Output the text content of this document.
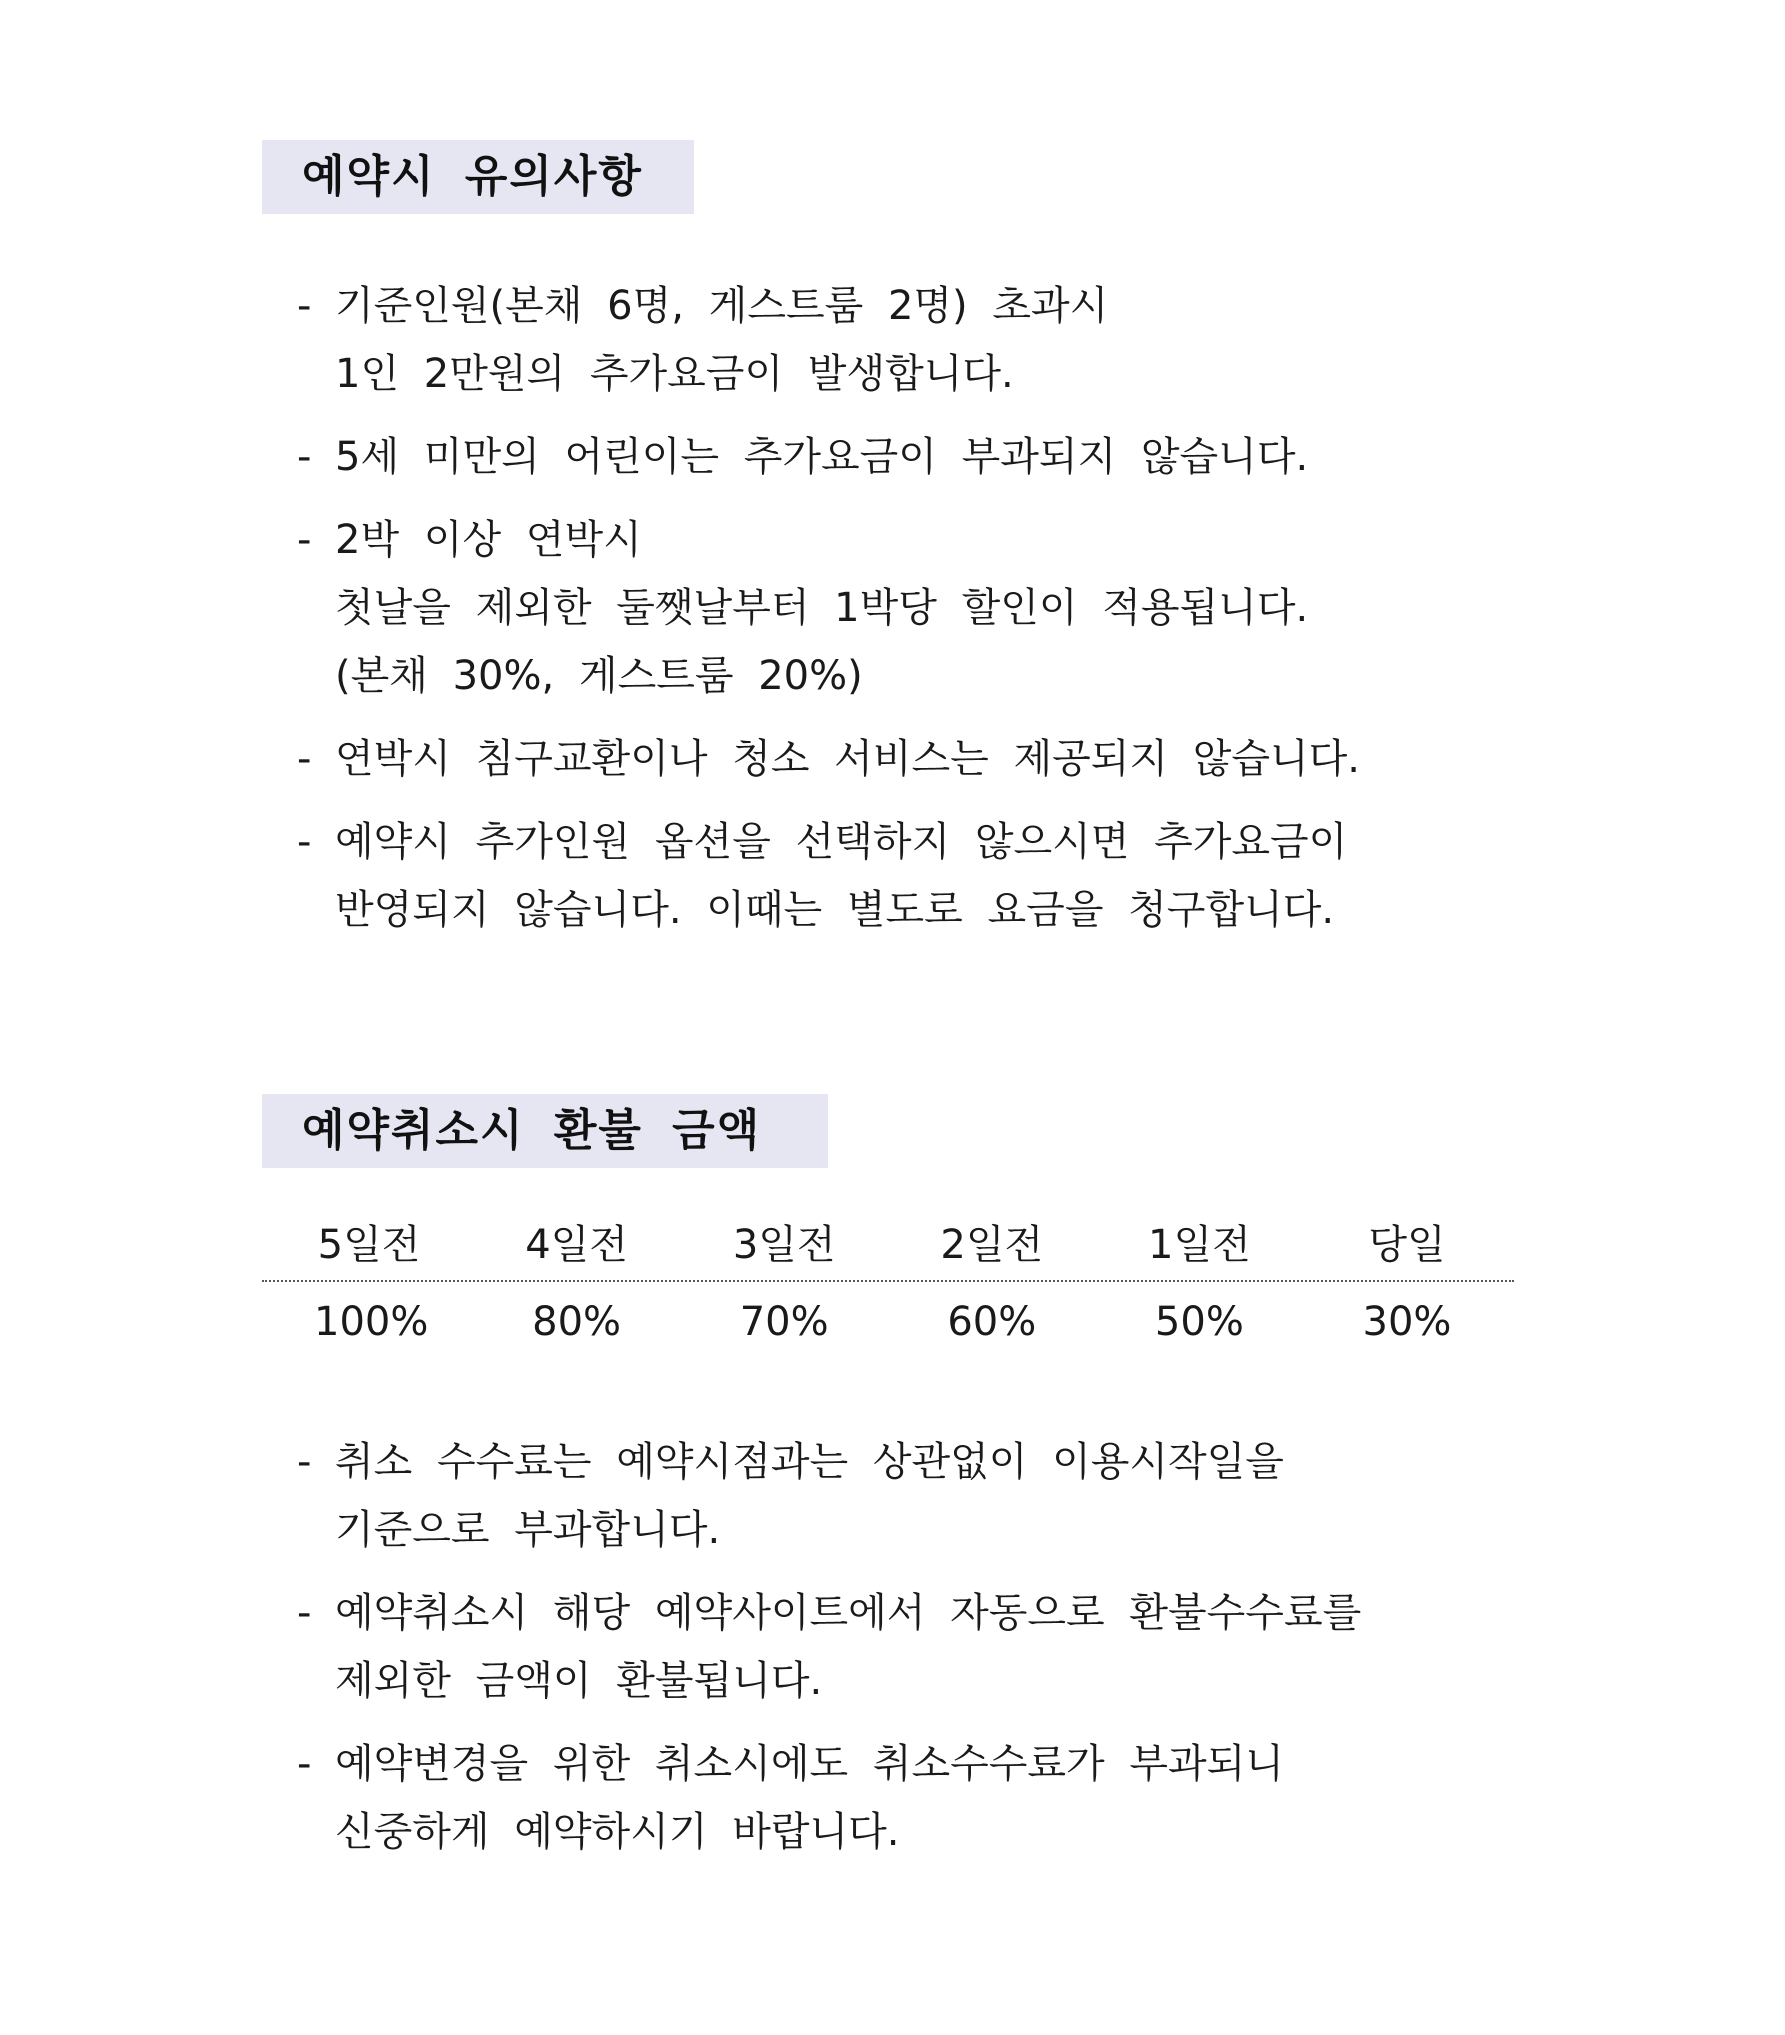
예약시 유의사항
- 기준인원(본채 6명, 게스트룸 2명) 초과시
1인 2만원의 추가요금이 발생합니다.
- 5세 미만의 어린이는 추가요금이 부과되지 않습니다.
- 2박 이상 연박시
첫날을 제외한 둘쨋날부터 1박당 할인이 적용됩니다.
(본채 30%, 게스트룸 20%)
- 연박시 침구교환이나 청소 서비스는 제공되지 않습니다.
- 예약시 추가인원 옵션을 선택하지 않으시면 추가요금이
반영되지 않습니다. 이때는 별도로 요금을 청구합니다.
예약취소시 환불 금액
5일전	4일전	3일전	2일전	1일전	당일
100%	80%	70%	60%	50%	30%
- 취소 수수료는 예약시점과는 상관없이 이용시작일을
기준으로 부과합니다.
- 예약취소시 해당 예약사이트에서 자동으로 환불수수료를
제외한 금액이 환불됩니다.
- 예약변경을 위한 취소시에도 취소수수료가 부과되니
신중하게 예약하시기 바랍니다.
